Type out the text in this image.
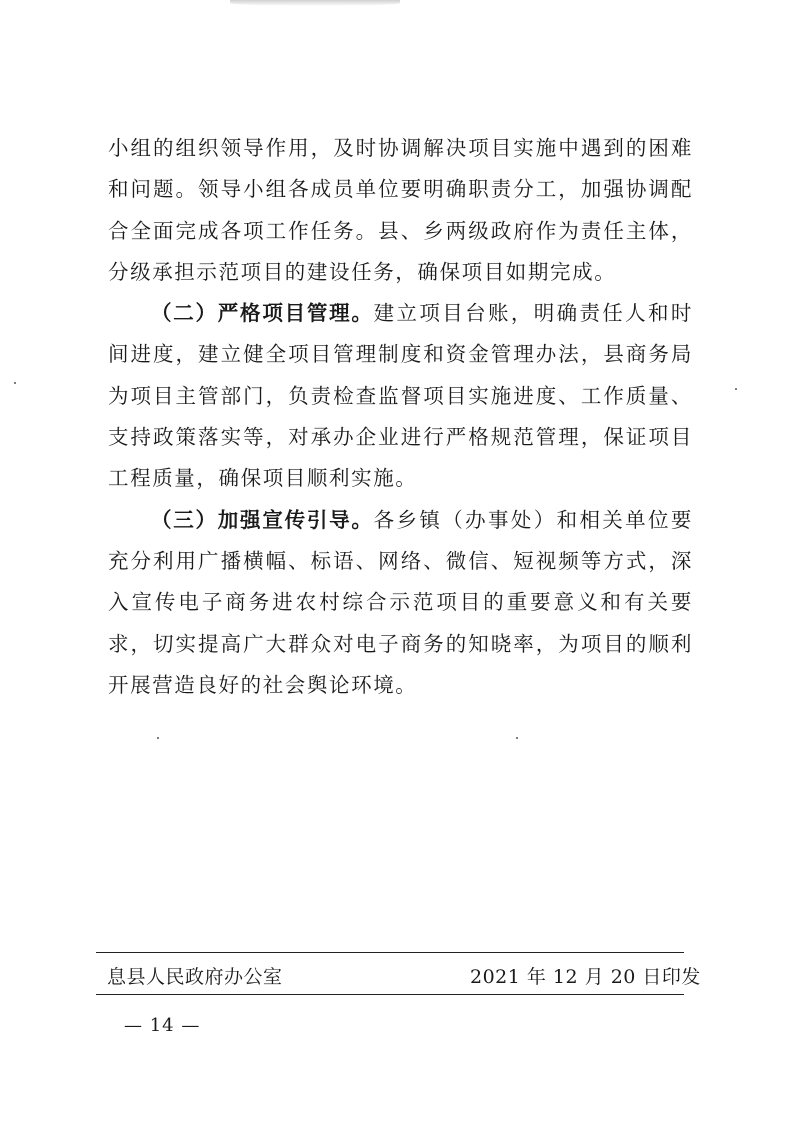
小组的组织领导作用，及时协调解决项目实施中遇到的困难和问题。领导小组各成员单位要明确职责分工，加强协调配合全面完成各项工作任务。县、乡两级政府作为责任主体，分级承担示范项目的建设任务，确保项目如期完成。

（二）严格项目管理。建立项目台账，明确责任人和时间进度，建立健全项目管理制度和资金管理办法，县商务局为项目主管部门，负责检查监督项目实施进度、工作质量、支持政策落实等，对承办企业进行严格规范管理，保证项目工程质量，确保项目顺利实施。

（三）加强宣传引导。各乡镇（办事处）和相关单位要充分利用广播横幅、标语、网络、微信、短视频等方式，深入宣传电子商务进农村综合示范项目的重要意义和有关要求，切实提高广大群众对电子商务的知晓率，为项目的顺利开展营造良好的社会舆论环境。

息县人民政府办公室	2021 年 12 月 20 日印发
— 14 —
